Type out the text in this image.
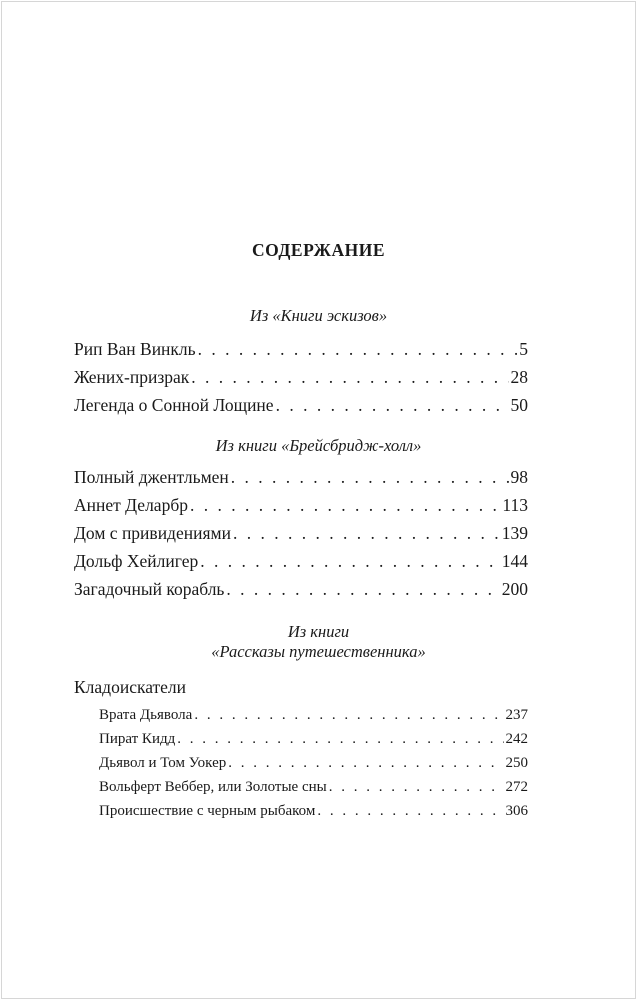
СОДЕРЖАНИЕ
Из «Книги эскизов»
Рип Ван Винкль . . .	5
Жених-призрак . . .	28
Легенда о Сонной Лощине . . .	50
Из книги «Брейсбридж-холл»
Полный джентльмен . . .	98
Аннет Деларбр . . .	113
Дом с привидениями . . .	139
Дольф Хейлигер . . .	144
Загадочный корабль . . .	200
Из книги
«Рассказы путешественника»
Кладоискатели
Врата Дьявола . . .	237
Пират Кидд . . .	242
Дьявол и Том Уокер . . .	250
Вольферт Веббер, или Золотые сны . . .	272
Происшествие с черным рыбаком . . .	306
